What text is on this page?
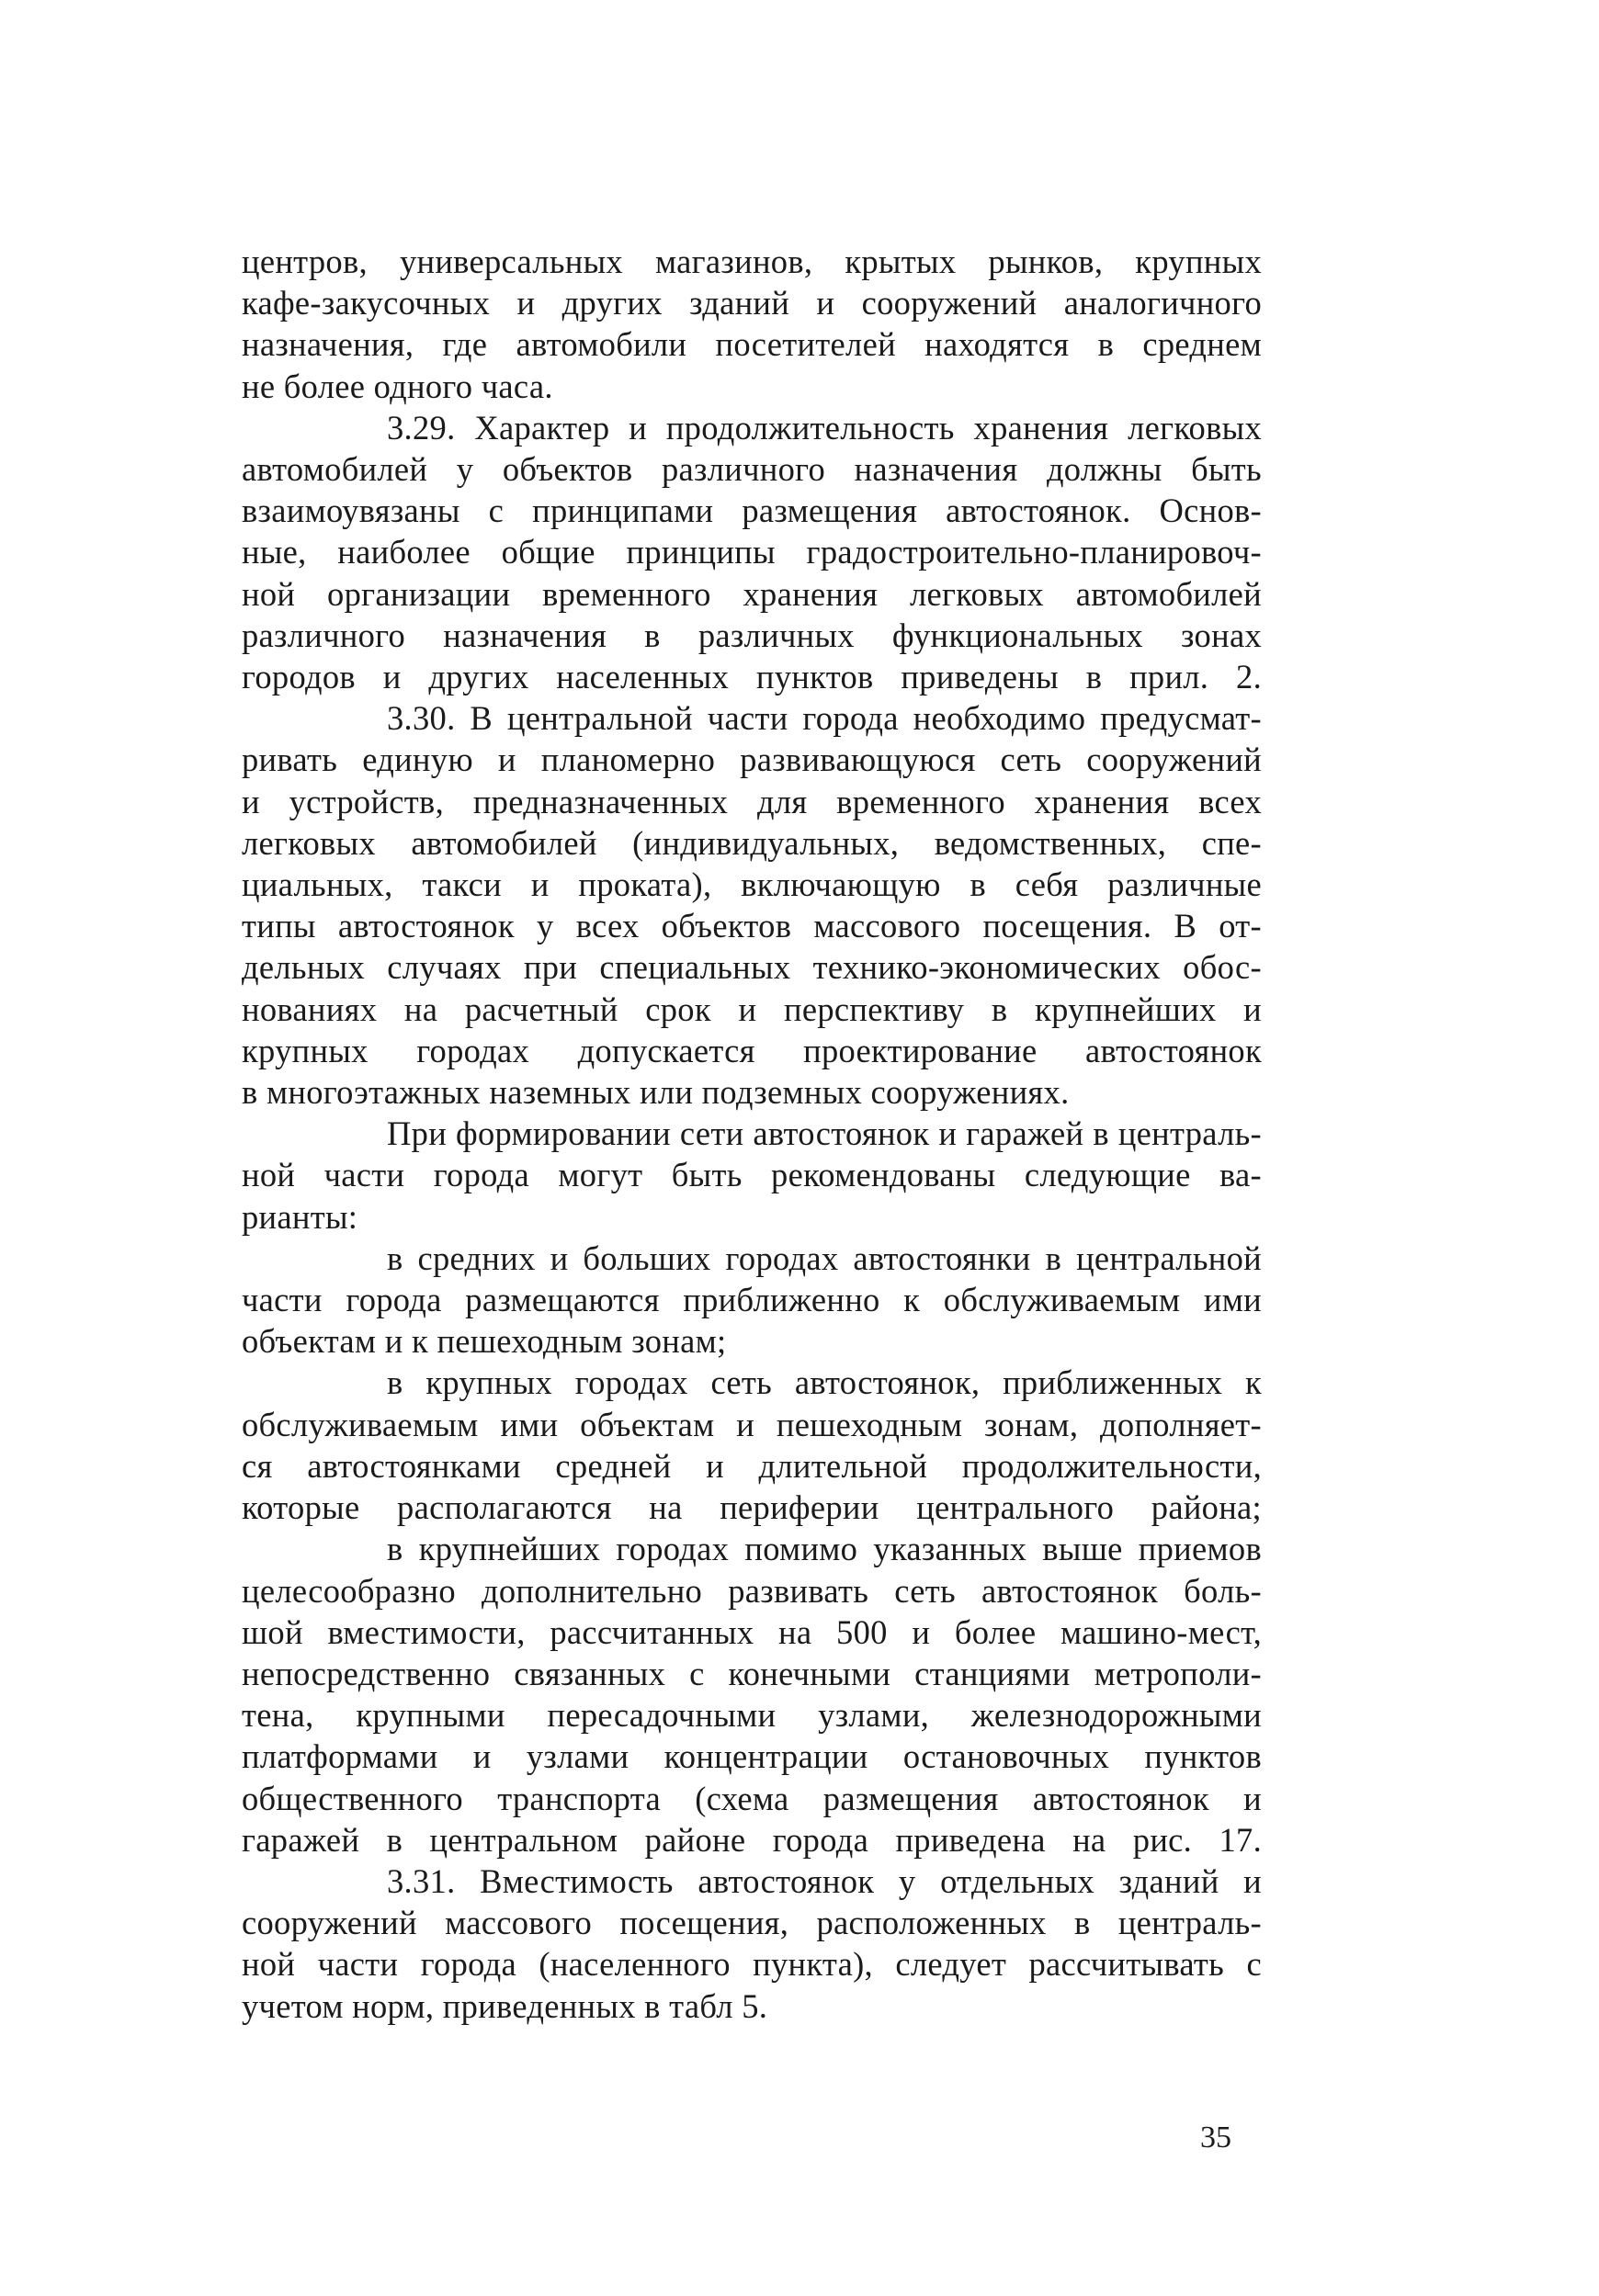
центров, универсальных магазинов, крытых рынков, крупных
кафе-закусочных и других зданий и сооружений аналогичного
назначения, где автомобили посетителей находятся в среднем
не более одного часа.
3.29. Характер и продолжительность хранения легковых
автомобилей у объектов различного назначения должны быть
взаимоувязаны с принципами размещения автостоянок. Основ-
ные, наиболее общие принципы градостроительно-планировоч-
ной организации временного хранения легковых автомобилей
различного назначения в различных функциональных зонах
городов и других населенных пунктов приведены в прил. 2.
3.30. В центральной части города необходимо предусмат-
ривать единую и планомерно развивающуюся сеть сооружений
и устройств, предназначенных для временного хранения всех
легковых автомобилей (индивидуальных, ведомственных, спе-
циальных, такси и проката), включающую в себя различные
типы автостоянок у всех объектов массового посещения. В от-
дельных случаях при специальных технико-экономических обос-
нованиях на расчетный срок и перспективу в крупнейших и
крупных городах допускается проектирование автостоянок
в многоэтажных наземных или подземных сооружениях.
При формировании сети автостоянок и гаражей в централь-
ной части города могут быть рекомендованы следующие ва-
рианты:
в средних и больших городах автостоянки в центральной
части города размещаются приближенно к обслуживаемым ими
объектам и к пешеходным зонам;
в крупных городах сеть автостоянок, приближенных к
обслуживаемым ими объектам и пешеходным зонам, дополняет-
ся автостоянками средней и длительной продолжительности,
которые располагаются на периферии центрального района;
в крупнейших городах помимо указанных выше приемов
целесообразно дополнительно развивать сеть автостоянок боль-
шой вместимости, рассчитанных на 500 и более машино-мест,
непосредственно связанных с конечными станциями метрополи-
тена, крупными пересадочными узлами, железнодорожными
платформами и узлами концентрации остановочных пунктов
общественного транспорта (схема размещения автостоянок и
гаражей в центральном районе города приведена на рис. 17.
3.31. Вместимость автостоянок у отдельных зданий и
сооружений массового посещения, расположенных в централь-
ной части города (населенного пункта), следует рассчитывать с
учетом норм, приведенных в табл 5.
35
